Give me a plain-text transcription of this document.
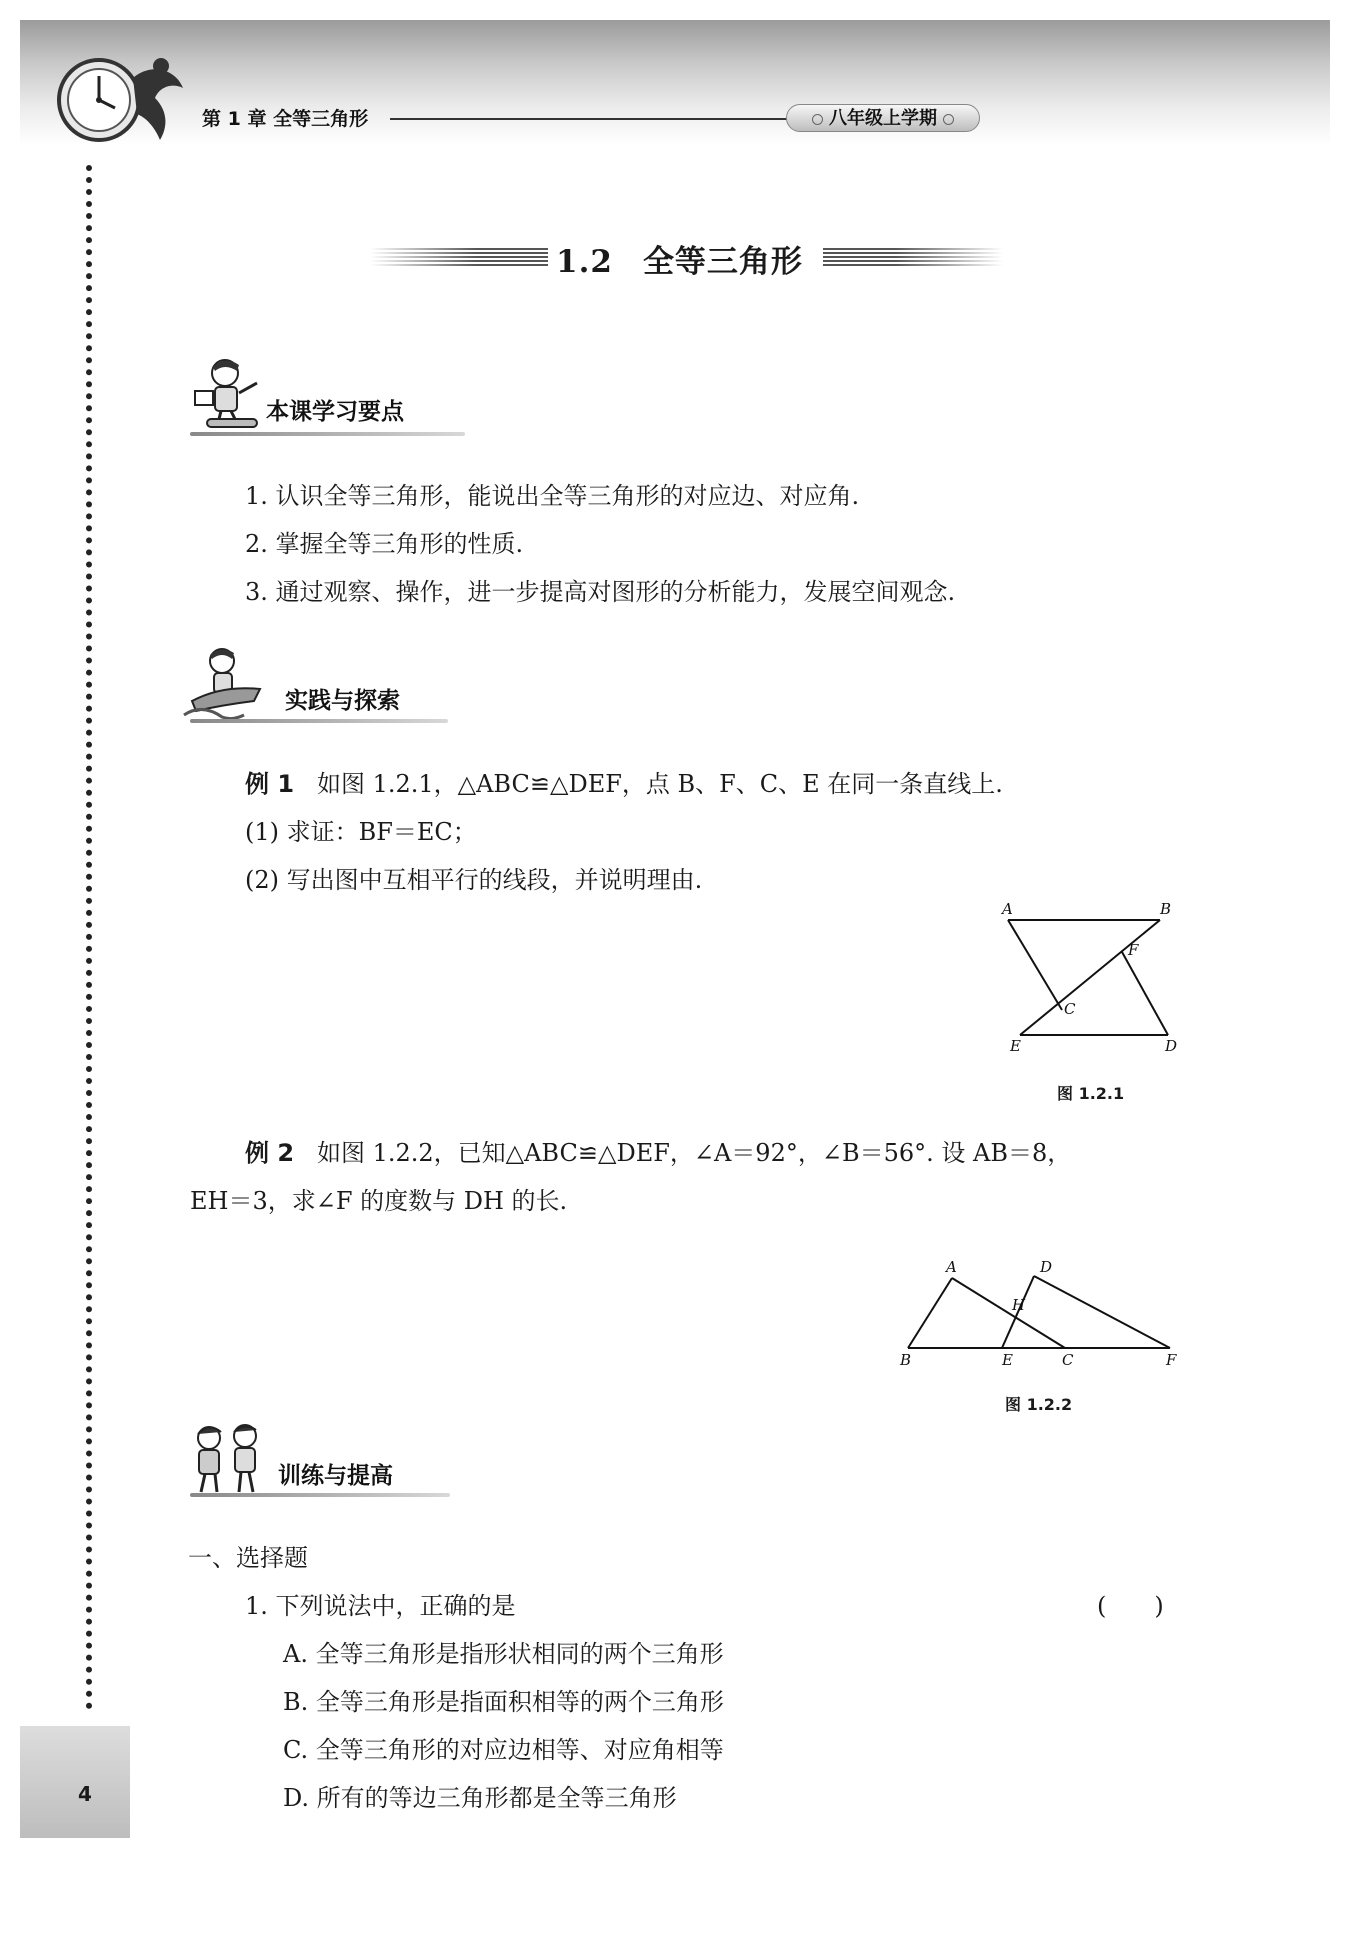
第 1 章 全等三角形	八年级上学期
1.2 全等三角形
本课学习要点
1. 认识全等三角形，能说出全等三角形的对应边、对应角.
2. 掌握全等三角形的性质.
3. 通过观察、操作，进一步提高对图形的分析能力，发展空间观念.
实践与探索
例 1 如图 1.2.1，△ABC≌△DEF，点 B、F、C、E 在同一条直线上.
(1) 求证：BF＝EC；
(2) 写出图中互相平行的线段，并说明理由.
A	B
F
C
E	D
图 1.2.1
例 2 如图 1.2.2，已知△ABC≌△DEF，∠A＝92°，∠B＝56°. 设 AB＝8，
EH＝3，求∠F 的度数与 DH 的长.
A	D
H
B	E	C	F
图 1.2.2
训练与提高
一、选择题
1. 下列说法中，正确的是	(　　)
A. 全等三角形是指形状相同的两个三角形
B. 全等三角形是指面积相等的两个三角形
C. 全等三角形的对应边相等、对应角相等
D. 所有的等边三角形都是全等三角形
4
